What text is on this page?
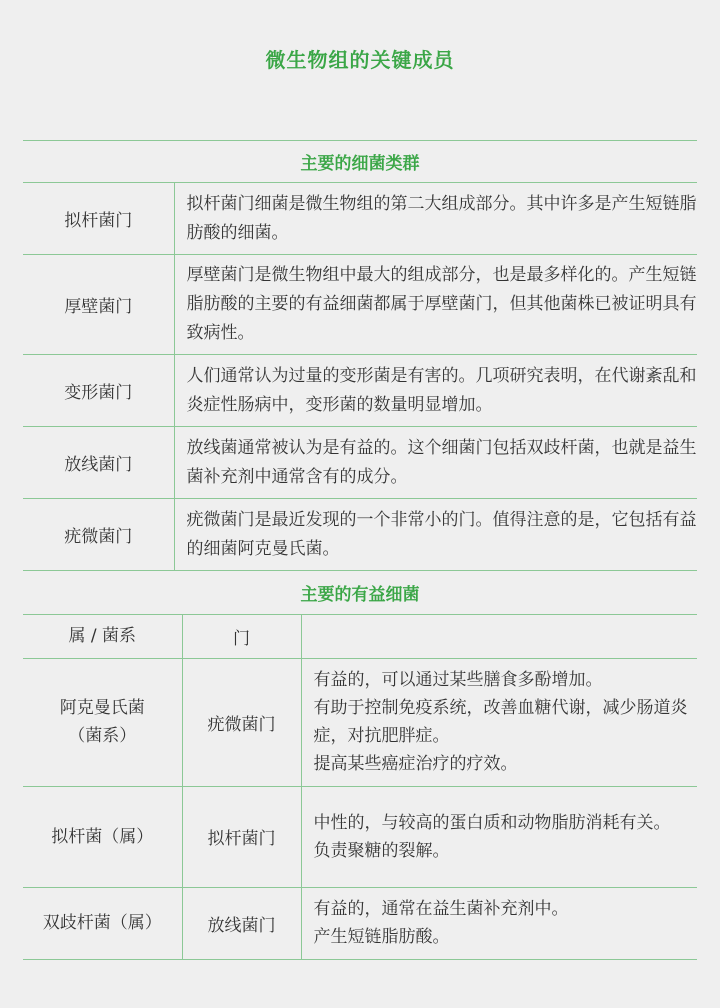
微生物组的关键成员
主要的细菌类群	
拟杆菌门	拟杆菌门细菌是微生物组的第二大组成部分。其中许多是产生短链脂肪酸的细菌。
厚壁菌门	厚壁菌门是微生物组中最大的组成部分，也是最多样化的。产生短链脂肪酸的主要的有益细菌都属于厚壁菌门，但其他菌株已被证明具有致病性。
变形菌门	人们通常认为过量的变形菌是有害的。几项研究表明，在代谢紊乱和炎症性肠病中，变形菌的数量明显增加。
放线菌门	放线菌通常被认为是有益的。这个细菌门包括双歧杆菌，也就是益生菌补充剂中通常含有的成分。
疣微菌门	疣微菌门是最近发现的一个非常小的门。值得注意的是，它包括有益的细菌阿克曼氏菌。
主要的有益细菌		
属 / 菌系	门	

阿克曼氏菌
（菌系）	疣微菌门	有益的，可以通过某些膳食多酚增加。
有助于控制免疫系统，改善血糖代谢，减少肠道炎症，对抗肥胖症。
提高某些癌症治疗的疗效。

拟杆菌（属）	拟杆菌门	中性的，与较高的蛋白质和动物脂肪消耗有关。
负责聚糖的裂解。

双歧杆菌（属）	放线菌门	有益的，通常在益生菌补充剂中。
产生短链脂肪酸。
